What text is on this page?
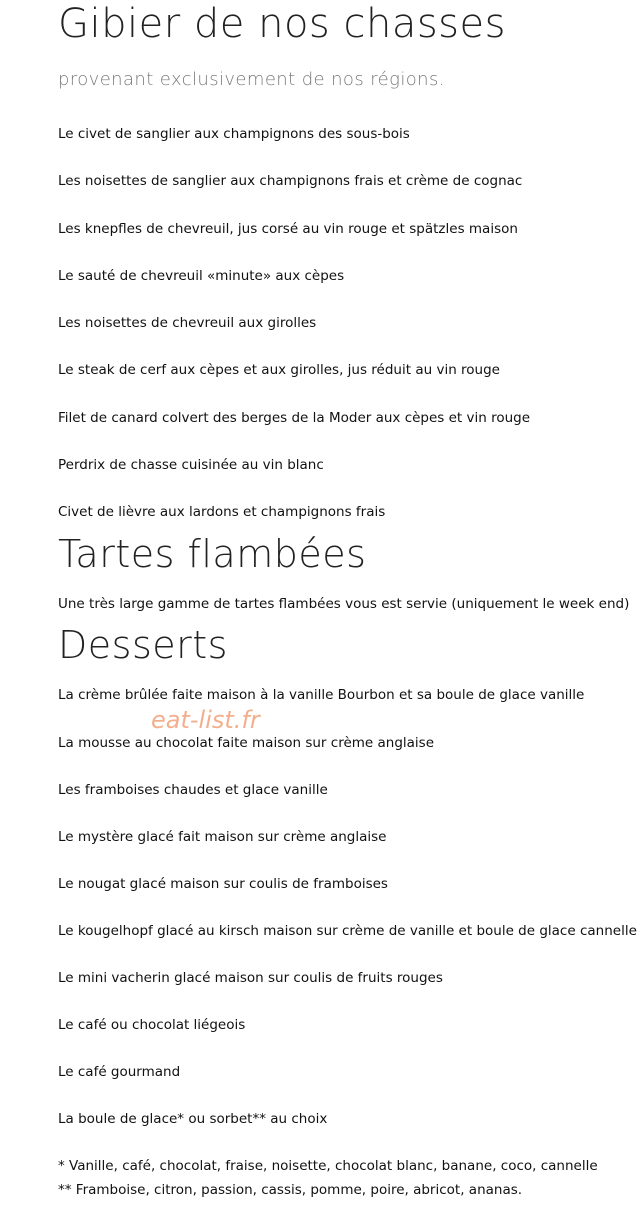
Gibier de nos chasses

provenant exclusivement de nos régions.

Le civet de sanglier aux champignons des sous-bois

Les noisettes de sanglier aux champignons frais et crème de cognac

Les knepfles de chevreuil, jus corsé au vin rouge et spätzles maison

Le sauté de chevreuil «minute» aux cèpes

Les noisettes de chevreuil aux girolles

Le steak de cerf aux cèpes et aux girolles, jus réduit au vin rouge

Filet de canard colvert des berges de la Moder aux cèpes et vin rouge

Perdrix de chasse cuisinée au vin blanc

Civet de lièvre aux lardons et champignons frais

Tartes flambées

Une très large gamme de tartes flambées vous est servie (uniquement le week end)

Desserts

La crème brûlée faite maison à la vanille Bourbon et sa boule de glace vanille

La mousse au chocolat faite maison sur crème anglaise

Les framboises chaudes et glace vanille

Le mystère glacé fait maison sur crème anglaise

Le nougat glacé maison sur coulis de framboises

Le kougelhopf glacé au kirsch maison sur crème de vanille et boule de glace cannelle

Le mini vacherin glacé maison sur coulis de fruits rouges

Le café ou chocolat liégeois

Le café gourmand

La boule de glace* ou sorbet** au choix

* Vanille, café, chocolat, fraise, noisette, chocolat blanc, banane, coco, cannelle

** Framboise, citron, passion, cassis, pomme, poire, abricot, ananas.

eat-list.fr
